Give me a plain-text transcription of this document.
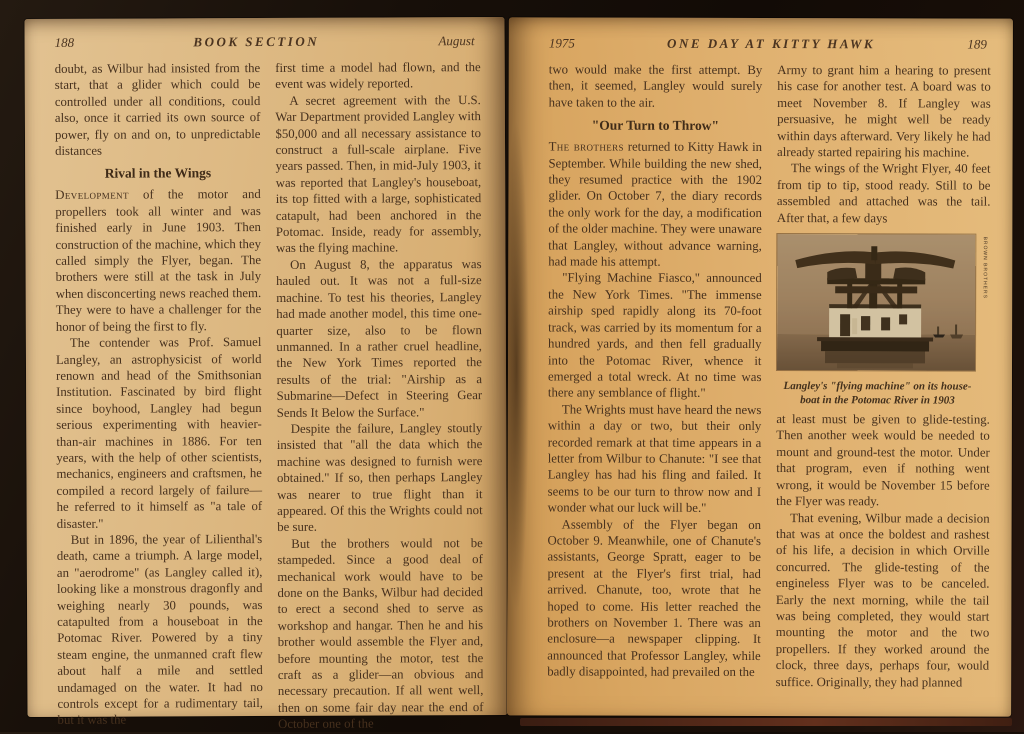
188	BOOK SECTION	August

doubt, as Wilbur had insisted from the start, that a glider which could be controlled under all conditions, could also, once it carried its own source of power, fly on and on, to unpredictable distances

Rival in the Wings

Development of the motor and propellers took all winter and was finished early in June 1903. Then construction of the machine, which they called simply the Flyer, began. The brothers were still at the task in July when disconcerting news reached them. They were to have a challenger for the honor of being the first to fly.

The contender was Prof. Samuel Langley, an astrophysicist of world renown and head of the Smithsonian Institution. Fascinated by bird flight since boyhood, Langley had begun serious experimenting with heavier-than-air machines in 1886. For ten years, with the help of other scientists, mechanics, engineers and craftsmen, he compiled a record largely of failure—he referred to it himself as "a tale of disaster."

But in 1896, the year of Lilienthal's death, came a triumph. A large model, an "aerodrome" (as Langley called it), looking like a monstrous dragonfly and weighing nearly 30 pounds, was catapulted from a houseboat in the Potomac River. Powered by a tiny steam engine, the unmanned craft flew about half a mile and settled undamaged on the water. It had no controls except for a rudimentary tail, but it was the

first time a model had flown, and the event was widely reported.

A secret agreement with the U.S. War Department provided Langley with $50,000 and all necessary assistance to construct a full-scale airplane. Five years passed. Then, in mid-July 1903, it was reported that Langley's houseboat, its top fitted with a large, sophisticated catapult, had been anchored in the Potomac. Inside, ready for assembly, was the flying machine.

On August 8, the apparatus was hauled out. It was not a full-size machine. To test his theories, Langley had made another model, this time one-quarter size, also to be flown unmanned. In a rather cruel headline, the New York Times reported the results of the trial: "Airship as a Submarine—Defect in Steering Gear Sends It Below the Surface."

Despite the failure, Langley stoutly insisted that "all the data which the machine was designed to furnish were obtained." If so, then perhaps Langley was nearer to true flight than it appeared. Of this the Wrights could not be sure.

But the brothers would not be stampeded. Since a good deal of mechanical work would have to be done on the Banks, Wilbur had decided to erect a second shed to serve as workshop and hangar. Then he and his brother would assemble the Flyer and, before mounting the motor, test the craft as a glider—an obvious and necessary precaution. If all went well, then on some fair day near the end of October one of the

1975	ONE DAY AT KITTY HAWK	189

two would make the first attempt. By then, it seemed, Langley would surely have taken to the air.

"Our Turn to Throw"

The brothers returned to Kitty Hawk in September. While building the new shed, they resumed practice with the 1902 glider. On October 7, the diary records the only work for the day, a modification of the older machine. They were unaware that Langley, without advance warning, had made his attempt.

"Flying Machine Fiasco," announced the New York Times. "The immense airship sped rapidly along its 70-foot track, was carried by its momentum for a hundred yards, and then fell gradually into the Potomac River, whence it emerged a total wreck. At no time was there any semblance of flight."

The Wrights must have heard the news within a day or two, but their only recorded remark at that time appears in a letter from Wilbur to Chanute: "I see that Langley has had his fling and failed. It seems to be our turn to throw now and I wonder what our luck will be."

Assembly of the Flyer began on October 9. Meanwhile, one of Chanute's assistants, George Spratt, eager to be present at the Flyer's first trial, had arrived. Chanute, too, wrote that he hoped to come. His letter reached the brothers on November 1. There was an enclosure—a newspaper clipping. It announced that Professor Langley, while badly disappointed, had prevailed on the

Army to grant him a hearing to present his case for another test. A board was to meet November 8. If Langley was persuasive, he might well be ready within days afterward. Very likely he had already started repairing his machine.

The wings of the Wright Flyer, 40 feet from tip to tip, stood ready. Still to be assembled and attached was the tail. After that, a few days

BROWN BROTHERS
Langley's "flying machine" on its house-boat in the Potomac River in 1903

at least must be given to glide-testing. Then another week would be needed to mount and ground-test the motor. Under that program, even if nothing went wrong, it would be November 15 before the Flyer was ready.

That evening, Wilbur made a decision that was at once the boldest and rashest of his life, a decision in which Orville concurred. The glide-testing of the engineless Flyer was to be canceled. Early the next morning, while the tail was being completed, they would start mounting the motor and the two propellers. If they worked around the clock, three days, perhaps four, would suffice. Originally, they had planned
